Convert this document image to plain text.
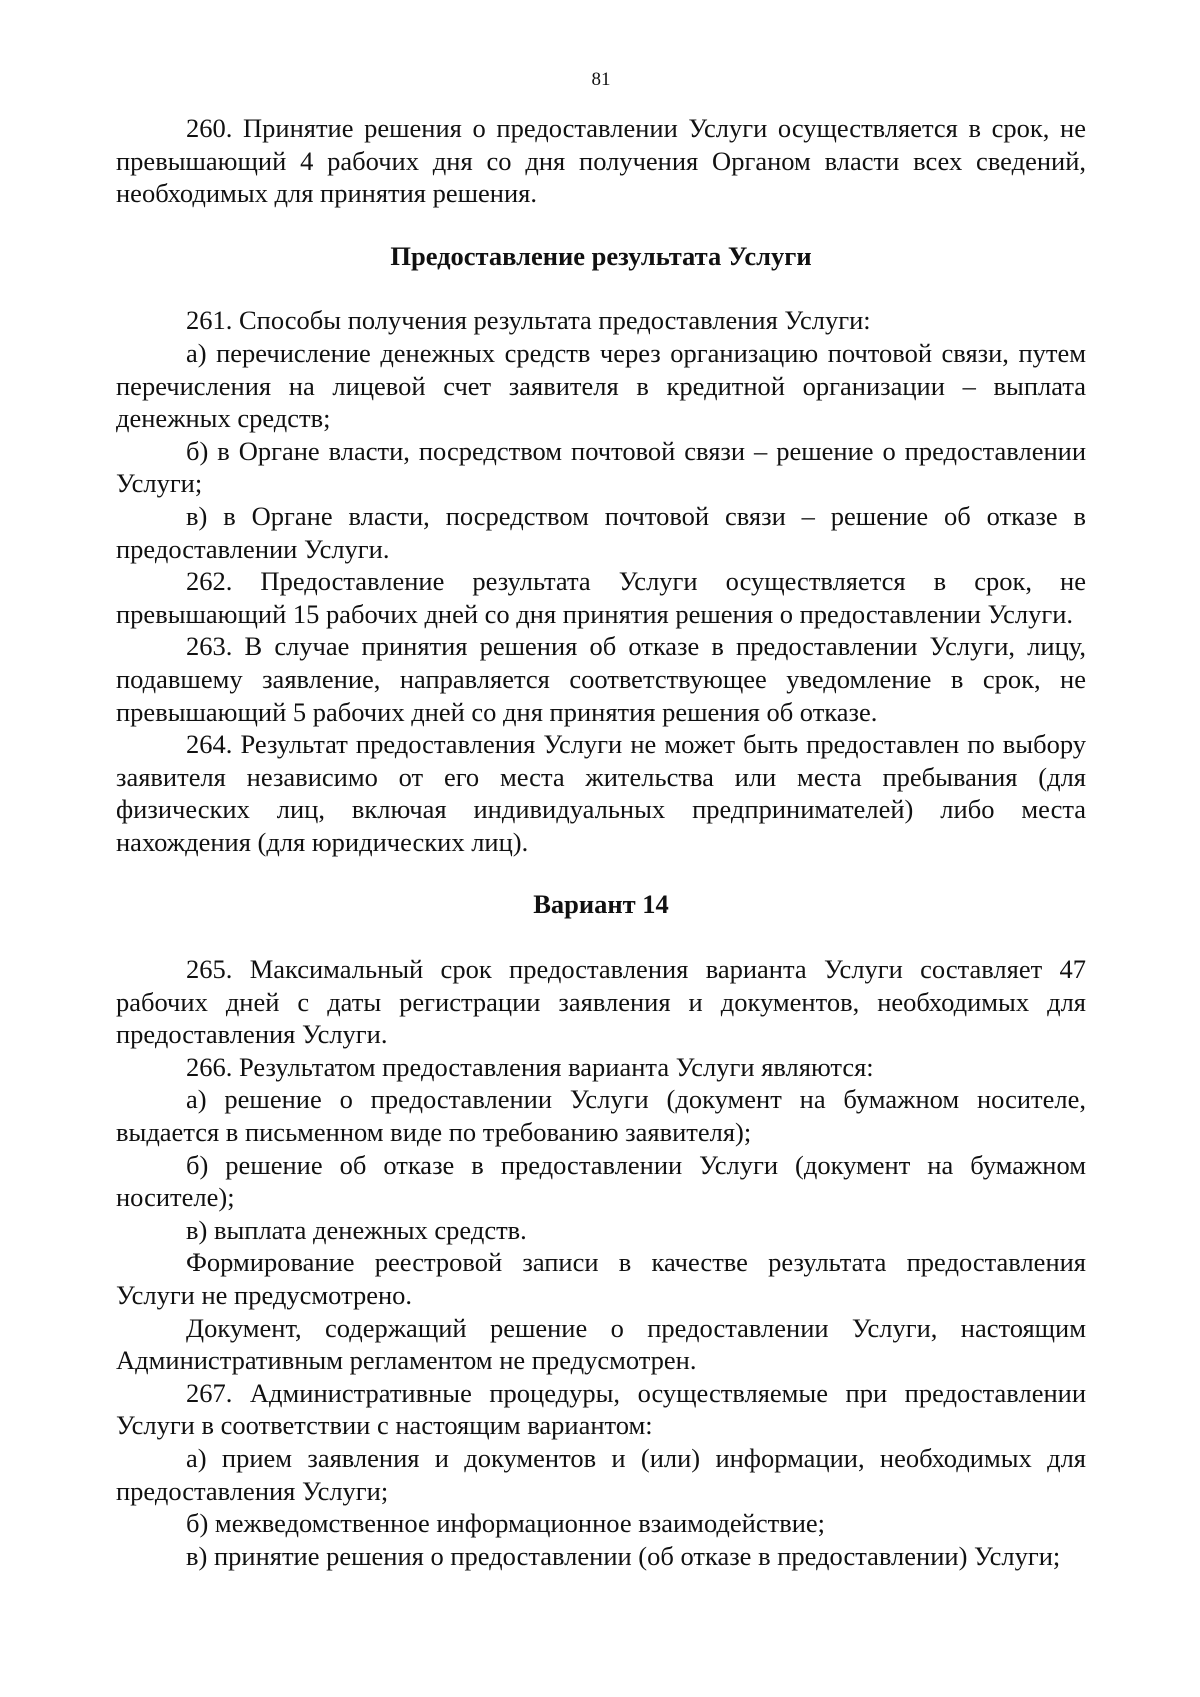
81

260. Принятие решения о предоставлении Услуги осуществляется в срок, не превышающий 4 рабочих дня со дня получения Органом власти всех сведений, необходимых для принятия решения.

Предоставление результата Услуги

261. Способы получения результата предоставления Услуги:

а) перечисление денежных средств через организацию почтовой связи, путем перечисления на лицевой счет заявителя в кредитной организации – выплата денежных средств;

б) в Органе власти, посредством почтовой связи – решение о предоставлении Услуги;

в) в Органе власти, посредством почтовой связи – решение об отказе в предоставлении Услуги.

262. Предоставление результата Услуги осуществляется в срок, не превышающий 15 рабочих дней со дня принятия решения о предоставлении Услуги.

263. В случае принятия решения об отказе в предоставлении Услуги, лицу, подавшему заявление, направляется соответствующее уведомление в срок, не превышающий 5 рабочих дней со дня принятия решения об отказе.

264. Результат предоставления Услуги не может быть предоставлен по выбору заявителя независимо от его места жительства или места пребывания (для физических лиц, включая индивидуальных предпринимателей) либо места нахождения (для юридических лиц).

Вариант 14

265. Максимальный срок предоставления варианта Услуги составляет 47 рабочих дней с даты регистрации заявления и документов, необходимых для предоставления Услуги.

266. Результатом предоставления варианта Услуги являются:

а) решение о предоставлении Услуги (документ на бумажном носителе, выдается в письменном виде по требованию заявителя);

б) решение об отказе в предоставлении Услуги (документ на бумажном носителе);

в) выплата денежных средств.

Формирование реестровой записи в качестве результата предоставления Услуги не предусмотрено.

Документ, содержащий решение о предоставлении Услуги, настоящим Административным регламентом не предусмотрен.

267. Административные процедуры, осуществляемые при предоставлении Услуги в соответствии с настоящим вариантом:

а) прием заявления и документов и (или) информации, необходимых для предоставления Услуги;

б) межведомственное информационное взаимодействие;

в) принятие решения о предоставлении (об отказе в предоставлении) Услуги;
